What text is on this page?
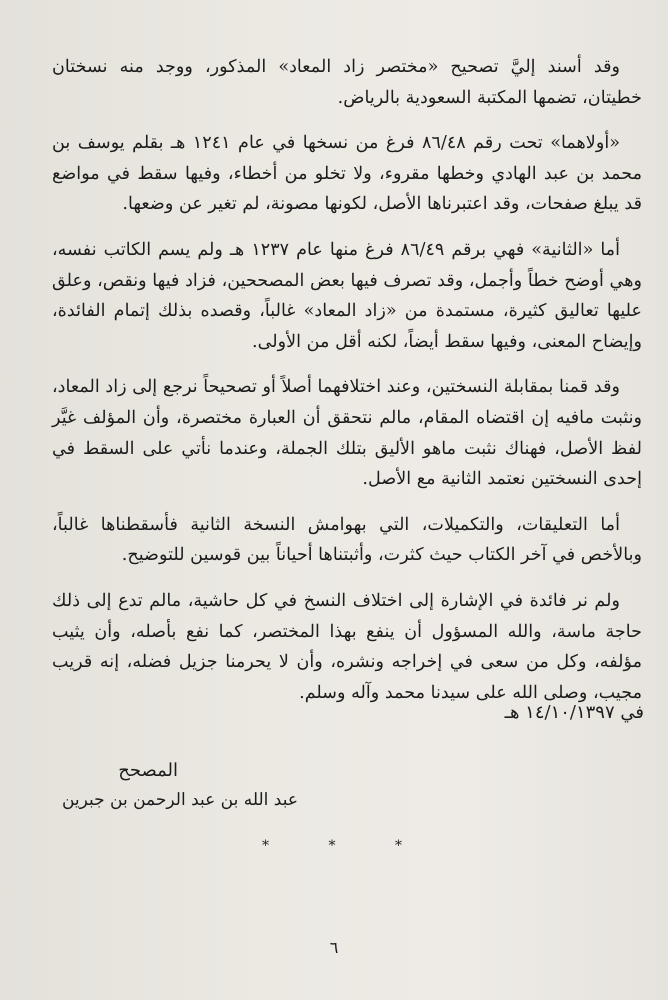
وقد أسند إليَّ تصحيح «مختصر زاد المعاد» المذكور، ووجد منه نسختان خطيتان، تضمها المكتبة السعودية بالرياض.

«أولاهما» تحت رقم ٨٦/٤٨ فرغ من نسخها في عام ١٢٤١ هـ بقلم يوسف بن محمد بن عبد الهادي وخطها مقروء، ولا تخلو من أخطاء، وفيها سقط في مواضع قد يبلغ صفحات، وقد اعتبرناها الأصل، لكونها مصونة، لم تغير عن وضعها.

أما «الثانية» فهي برقم ٨٦/٤٩ فرغ منها عام ١٢٣٧ هـ ولم يسم الكاتب نفسه، وهي أوضح خطاً وأجمل، وقد تصرف فيها بعض المصححين، فزاد فيها ونقص، وعلق عليها تعاليق كثيرة، مستمدة من «زاد المعاد» غالباً، وقصده بذلك إتمام الفائدة، وإيضاح المعنى، وفيها سقط أيضاً، لكنه أقل من الأولى.

وقد قمنا بمقابلة النسختين، وعند اختلافهما أصلاً أو تصحيحاً نرجع إلى زاد المعاد، ونثبت مافيه إن اقتضاه المقام، مالم نتحقق أن العبارة مختصرة، وأن المؤلف غيَّر لفظ الأصل، فهناك نثبت ماهو الأليق بتلك الجملة، وعندما نأتي على السقط في إحدى النسختين نعتمد الثانية مع الأصل.

أما التعليقات، والتكميلات، التي بهوامش النسخة الثانية فأسقطناها غالباً، وبالأخص في آخر الكتاب حيث كثرت، وأثبتناها أحياناً بين قوسين للتوضيح.

ولم نر فائدة في الإشارة إلى اختلاف النسخ في كل حاشية، مالم تدع إلى ذلك حاجة ماسة، والله المسؤول أن ينفع بهذا المختصر، كما نفع بأصله، وأن يثيب مؤلفه، وكل من سعى في إخراجه ونشره، وأن لا يحرمنا جزيل فضله، إنه قريب مجيب، وصلى الله على سيدنا محمد وآله وسلم.

في ١٤/١٠/١٣٩٧ هـ
المصحح
عبد الله بن عبد الرحمن بن جبرين
*	*	*
٦
